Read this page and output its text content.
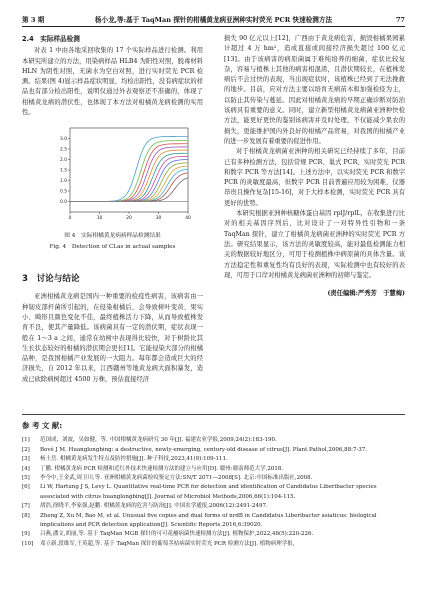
第 3 期	杨小龙,等:基于 TaqMan 探针的柑橘黄龙病亚洲种实时荧光 PCR 快速检测方法	77

2.4　实际样品检测

对表 1 中由各地采回收集的 17 个实际样品进行检测。利用本研究所建立的方法，用染病样品 HLB4 为阳性对照，脱毒材料 HLN 为阴性对照，无菌水为空白对照，进行实时荧光 PCR 检测。结果(图 4)显示样品症状明显，均检出阳性，没有病症状的样品也有部分检出阳性，说明仅通过外表观察还不准确的，体现了柑橘黄龙病的潜伏性，也体现了本方法对柑橘黄龙病检测的实用性。

0.0
0.5
1.0
1.5
2.0
2.5
3.0
0	10	20	30	40
图 4　实际柑橘黄龙病病样品检测结果
Fig. 4　Detection of CLas in actual samples

3　讨论与结论

亚洲柑橘黄龙病是国内一种重要的检疫性病害，该病害由一种韧皮部杆菌所引起的，在侵染柑橘后，会导致树叶变黄、果实小、畸形且颜色变化不佳，最终植株活力下降，从而导致植株发育不良，使其产量降低。该病菌具有一定的潜伏期，症状表现一般在 1～3 a 之间，通常在幼树中表现得比较快，对于树龄比其生长状态较好的柑橘的潜伏期会更长[1]。它能侵染大部分的柑橘品种，是我国柑橘产业发展的一大阻力。每年都会造成巨大的经济损失，自 2012 年以来，江西赣州等地黄龙病大面积暴发，造成已砍除病树超过 4500 万株，预估直接经济

损失 90 亿元以上[12]，广西由于黄龙病危害，损毁柑橘果园累计超过 4 万 hm²，造成直接或间接经济损失超过 100 亿元[13]。由于该病害的病原菌属于难纯培养的细菌，症状比较复杂，容易与植株上其他的病害相混淆，且潜伏期较长，在植株发病后不会过快的表现，当出现症状时，该植株已经到了无法挽救的地步。目前，应对方法主要以培育无病苗木和加强检疫为主，以防止其传染与蔓延。因此对柑橘黄龙病的早期正确诊断对防治该病具有重要的意义。同时，建立新型柑橘黄龙病菌亚洲种快检方法，能更好更快的鉴别该病害并及时处理，不仅能减少果农的损失，更能维护国内外良好的柑橘产品贸易，对我国的柑橘产业的进一步发展有着重要的促进作用。

对于柑橘黄龙病菌亚洲种的相关研究已经持续了多年，目前已有多种检测方法，包括常规 PCR、巢式 PCR、实时荧光 PCR 和数字 PCR 等方法[14]。上述方法中，以实时荧光 PCR 和数字 PCR 的灵敏度最高，但数字 PCR 目前普遍应用较为困难，仪器昂贵且操作复杂[15-16]，对于大样本检测，实时荧光 PCR 具有更好的优势。

本研究根据亚洲种核糖体蛋白基因 rplJ/rplL，在收集进行比对的相关基因序列后，比对设计了一对特异性引物和一条 TaqMan 探针，建立了柑橘黄龙病菌亚洲种的实时荧光 PCR 方法。研究结果显示，该方法的灵敏度较高，能对最低检测能力相关的数据较好地区分，可用于检测植株中病原菌的具体含量。该方法稳定性和重复性均有良好的表现，实际检测中也有较好的表现，可用于口岸对柑橘黄龙病菌亚洲种的初筛与鉴定。

(责任编辑:严秀芳　于慧梅)

参 考 文 献:

[1]	范国成，刘波，吴如健，等. 中国柑橘黄龙病研究 30 年[J]. 福建农业学报,2009,24(2):183-190.
[2]	Bové J M. Huanglongbing: a destructive, newly-emerging, century-old disease of citrus[J]. Plant Pathol,2006,88:7-37.
[3]	杨土岳. 柑橘黄龙病发生特点及防控措施[J]. 种子科技,2023,41(9):109-111.
[4]	丁鹏. 柑橘黄龙病 PCR 检测和近红外技术快速检测方法的建立与应用[D]. 赣州:赣南师范大学,2018.
[5]	李今中,王金武,周卫川,等. 亚洲柑橘黄龙病菌检疫鉴定方法:SN/T 2071—2008[S]. 北京:中国标准出版社,2008.
[6]	Li W, Hartung J S, Levy L. Quantitative real-time PCR for detection and identification of Candidatus Liberibacter species
associated with citrus huanglongbing[J]. Journal of Microbiol Methods,2006,66(1):104-115.
[7]	胡浩,徐晓平,李家强,赵鹏. 柑橘黄龙病的危害与防治[J]. 中国农学通报,2006(12):2491-2497.
[8]	Zheng Z, Xu M, Bao M, et al. Unusual five copies and dual forms of nrdB in Candidatus Liberibacter asiaticus: biological
implications and PCR detection application[J]. Scientific Reports,2016,6:39020.
[9]	吕燕,潘文,胡丽,等. 基于 TaqMan MGB 探针的可可花瘿病菌快速检测方法[J]. 植物保护,2022,48(5):220-226.
[10]	邓立新,段维军,王英超,等. 基于 TaqMan 探针的葡萄茎枯病菌实时荧光 PCR 检测方法[J]. 植物病理学报,
